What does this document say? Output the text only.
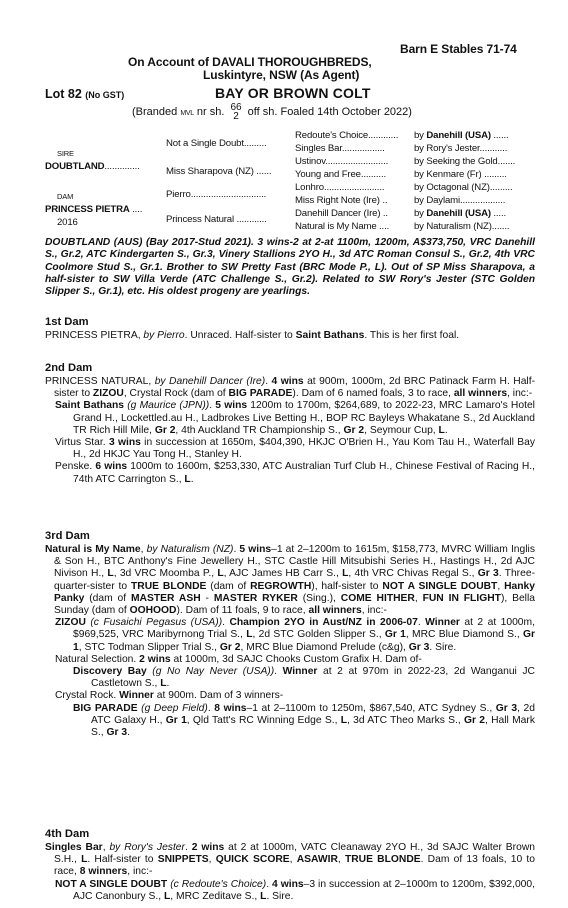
Barn E Stables 71-74
On Account of DAVALI THOROUGHBREDS,
Luskintyre, NSW (As Agent)
Lot 82 (No GST)	BAY OR BROWN COLT
(Branded MVL nr sh. 66
2 off sh. Foaled 14th October 2022)
SIRE
DOUBTLAND..............
DAM
PRINCESS PIETRA ....
2016
Not a Single Doubt.........
Miss Sharapova (NZ) ......
Pierro..............................
Princess Natural ............
Redoute's Choice............
Singles Bar.................
Ustinov.........................
Young and Free..........
Lonhro........................
Miss Right Note (Ire) ..
Danehill Dancer (Ire) ..
Natural is My Name ....
by Danehill (USA) ......
by Rory's Jester...........
by Seeking the Gold.......
by Kenmare (Fr) .........
by Octagonal (NZ).........
by Daylami..................
by Danehill (USA) .....
by Naturalism (NZ).......
DOUBTLAND (AUS) (Bay 2017-Stud 2021). 3 wins-2 at 2-at 1100m, 1200m, A$373,750, VRC Danehill S., Gr.2, ATC Kindergarten S., Gr.3, Vinery Stallions 2YO H., 3d ATC Roman Consul S., Gr.2, 4th VRC Coolmore Stud S., Gr.1. Brother to SW Pretty Fast (BRC Mode P., L). Out of SP Miss Sharapova, a half-sister to SW Villa Verde (ATC Challenge S., Gr.2). Related to SW Rory's Jester (STC Golden Slipper S., Gr.1), etc. His oldest progeny are yearlings.
1st Dam
PRINCESS PIETRA, by Pierro. Unraced. Half-sister to Saint Bathans. This is her first foal.
2nd Dam
PRINCESS NATURAL, by Danehill Dancer (Ire). 4 wins at 900m, 1000m, 2d BRC Patinack Farm H. Half-sister to ZIZOU, Crystal Rock (dam of BIG PARADE). Dam of 6 named foals, 3 to race, all winners, inc:-
Saint Bathans (g Maurice (JPN)). 5 wins 1200m to 1700m, $264,689, to 2022-23, MRC Lamaro's Hotel Grand H., Lockettled.au H., Ladbrokes Live Betting H., BOP RC Bayleys Whakatane S., 2d Auckland TR Rich Hill Mile, Gr 2, 4th Auckland TR Championship S., Gr 2, Seymour Cup, L.
Virtus Star. 3 wins in succession at 1650m, $404,390, HKJC O'Brien H., Yau Kom Tau H., Waterfall Bay H., 2d HKJC Yau Tong H., Stanley H.
Penske. 6 wins 1000m to 1600m, $253,330, ATC Australian Turf Club H., Chinese Festival of Racing H., 74th ATC Carrington S., L.
3rd Dam
Natural is My Name, by Naturalism (NZ). 5 wins–1 at 2–1200m to 1615m, $158,773, MVRC William Inglis & Son H., BTC Anthony's Fine Jewellery H., STC Castle Hill Mitsubishi Series H., Hastings H., 2d AJC Nivison H., L, 3d VRC Moomba P., L, AJC James HB Carr S., L, 4th VRC Chivas Regal S., Gr 3. Three-quarter-sister to TRUE BLONDE (dam of REGROWTH), half-sister to NOT A SINGLE DOUBT, Hanky Panky (dam of MASTER ASH - MASTER RYKER (Sing.), COME HITHER, FUN IN FLIGHT), Bella Sunday (dam of OOHOOD). Dam of 11 foals, 9 to race, all winners, inc:-
ZIZOU (c Fusaichi Pegasus (USA)). Champion 2YO in Aust/NZ in 2006-07. Winner at 2 at 1000m, $969,525, VRC Maribyrnong Trial S., L, 2d STC Golden Slipper S., Gr 1, MRC Blue Diamond S., Gr 1, STC Todman Slipper Trial S., Gr 2, MRC Blue Diamond Prelude (c&g), Gr 3. Sire.
Natural Selection. 2 wins at 1000m, 3d SAJC Chooks Custom Grafix H. Dam of-
Discovery Bay (g No Nay Never (USA)). Winner at 2 at 970m in 2022-23, 2d Wanganui JC Castletown S., L.
Crystal Rock. Winner at 900m. Dam of 3 winners-
BIG PARADE (g Deep Field). 8 wins–1 at 2–1100m to 1250m, $867,540, ATC Sydney S., Gr 3, 2d ATC Galaxy H., Gr 1, Qld Tatt's RC Winning Edge S., L, 3d ATC Theo Marks S., Gr 2, Hall Mark S., Gr 3.
4th Dam
Singles Bar, by Rory's Jester. 2 wins at 2 at 1000m, VATC Cleanaway 2YO H., 3d SAJC Walter Brown S.H., L. Half-sister to SNIPPETS, QUICK SCORE, ASAWIR, TRUE BLONDE. Dam of 13 foals, 10 to race, 8 winners, inc:-
NOT A SINGLE DOUBT (c Redoute's Choice). 4 wins–3 in succession at 2–1000m to 1200m, $392,000, AJC Canonbury S., L, MRC Zeditave S., L. Sire.
